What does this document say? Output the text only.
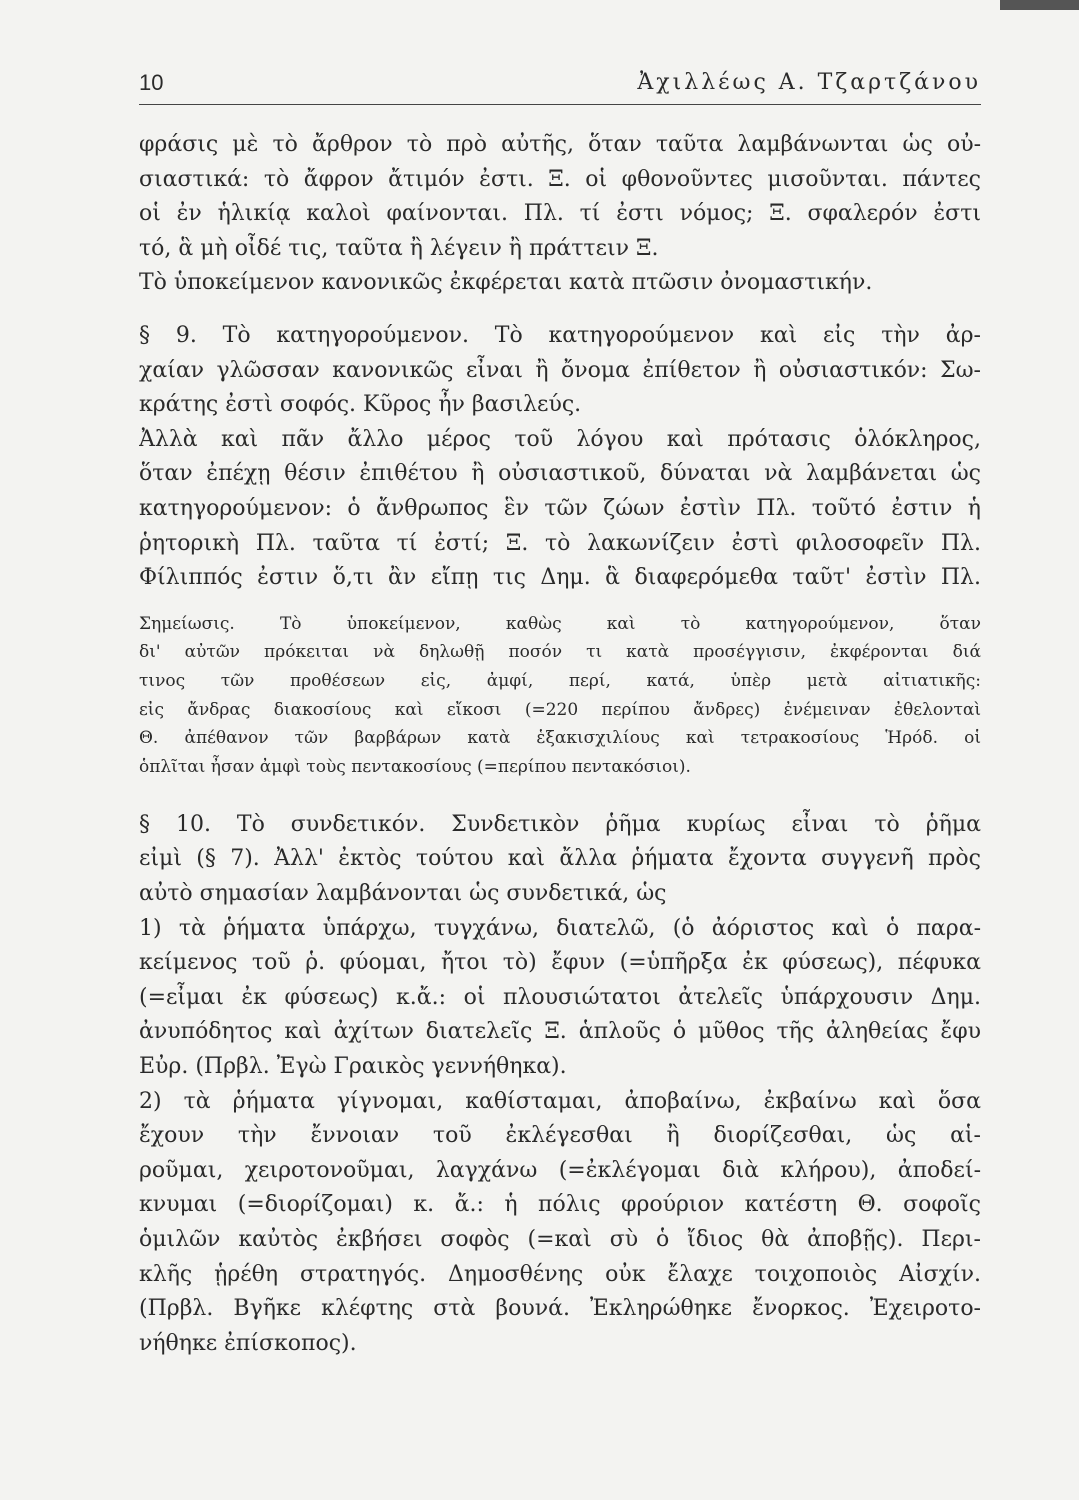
10	Ἀχιλλέως Α. Τζαρτζάνου
φράσις μὲ τὸ ἄρθρον τὸ πρὸ αὐτῆς, ὅταν ταῦτα λαμβάνωνται ὡς οὐ-
σιαστικά: τὸ ἄφρον ἄτιμόν ἐστι. Ξ. οἱ φθονοῦντες μισοῦνται. πάντες
οἱ ἐν ἡλικίᾳ καλοὶ φαίνονται. Πλ. τί ἐστι νόμος; Ξ. σφαλερόν ἐστι
τό, ἃ μὴ οἶδέ τις, ταῦτα ἢ λέγειν ἢ πράττειν Ξ.
Τὸ ὑποκείμενον κανονικῶς ἐκφέρεται κατὰ πτῶσιν ὀνομαστικήν.
§ 9. Τὸ κατηγορούμενον. Τὸ κατηγορούμενον καὶ εἰς τὴν ἀρ-
χαίαν γλῶσσαν κανονικῶς εἶναι ἢ ὄνομα ἐπίθετον ἢ οὐσιαστικόν: Σω-
κράτης ἐστὶ σοφός. Κῦρος ἦν βασιλεύς.
Ἀλλὰ καὶ πᾶν ἄλλο μέρος τοῦ λόγου καὶ πρότασις ὁλόκληρος,
ὅταν ἐπέχῃ θέσιν ἐπιθέτου ἢ οὐσιαστικοῦ, δύναται νὰ λαμβάνεται ὡς
κατηγορούμενον: ὁ ἄνθρωπος ἓν τῶν ζώων ἐστὶν Πλ. τοῦτό ἐστιν ἡ
ῥητορικὴ Πλ. ταῦτα τί ἐστί; Ξ. τὸ λακωνίζειν ἐστὶ φιλοσοφεῖν Πλ.
Φίλιππός ἐστιν ὅ,τι ἂν εἴπῃ τις Δημ. ἃ διαφερόμεθα ταῦτ' ἐστὶν Πλ.
Σημείωσις. Τὸ ὑποκείμενον, καθὼς καὶ τὸ κατηγορούμενον, ὅταν
δι' αὐτῶν πρόκειται νὰ δηλωθῇ ποσόν τι κατὰ προσέγγισιν, ἐκφέρονται διά
τινος τῶν προθέσεων εἰς, ἀμφί, περί, κατά, ὑπὲρ μετὰ αἰτιατικῆς:
εἰς ἄνδρας διακοσίους καὶ εἴκοσι (=220 περίπου ἄνδρες) ἐνέμειναν ἐθελονταὶ
Θ. ἀπέθανον τῶν βαρβάρων κατὰ ἑξακισχιλίους καὶ τετρακοσίους Ἡρόδ. οἱ
ὁπλῖται ἦσαν ἀμφὶ τοὺς πεντακοσίους (=περίπου πεντακόσιοι).
§ 10. Τὸ συνδετικόν. Συνδετικὸν ῥῆμα κυρίως εἶναι τὸ ῥῆμα
εἰμὶ (§ 7). Ἀλλ' ἐκτὸς τούτου καὶ ἄλλα ῥήματα ἔχοντα συγγενῆ πρὸς
αὐτὸ σημασίαν λαμβάνονται ὡς συνδετικά, ὡς
1) τὰ ῥήματα ὑπάρχω, τυγχάνω, διατελῶ, (ὁ ἀόριστος καὶ ὁ παρα-
κείμενος τοῦ ῥ. φύομαι, ἤτοι τὸ) ἔφυν (=ὑπῆρξα ἐκ φύσεως), πέφυκα
(=εἶμαι ἐκ φύσεως) κ.ἄ.: οἱ πλουσιώτατοι ἀτελεῖς ὑπάρχουσιν Δημ.
ἀνυπόδητος καὶ ἀχίτων διατελεῖς Ξ. ἁπλοῦς ὁ μῦθος τῆς ἀληθείας ἔφυ
Εὐρ. (Πρβλ. Ἐγὼ Γραικὸς γεννήθηκα).
2) τὰ ῥήματα γίγνομαι, καθίσταμαι, ἀποβαίνω, ἐκβαίνω καὶ ὅσα
ἔχουν τὴν ἔννοιαν τοῦ ἐκλέγεσθαι ἢ διορίζεσθαι, ὡς αἱ-
ροῦμαι, χειροτονοῦμαι, λαγχάνω (=ἐκλέγομαι διὰ κλήρου), ἀποδεί-
κνυμαι (=διορίζομαι) κ. ἄ.: ἡ πόλις φρούριον κατέστη Θ. σοφοῖς
ὁμιλῶν καὐτὸς ἐκβήσει σοφὸς (=καὶ σὺ ὁ ἴδιος θὰ ἀποβῇς). Περι-
κλῆς ᾑρέθη στρατηγός. Δημοσθένης οὐκ ἔλαχε τοιχοποιὸς Αἰσχίν.
(Πρβλ. Βγῆκε κλέφτης στὰ βουνά. Ἐκληρώθηκε ἔνορκος. Ἐχειροτο-
νήθηκε ἐπίσκοπος).
